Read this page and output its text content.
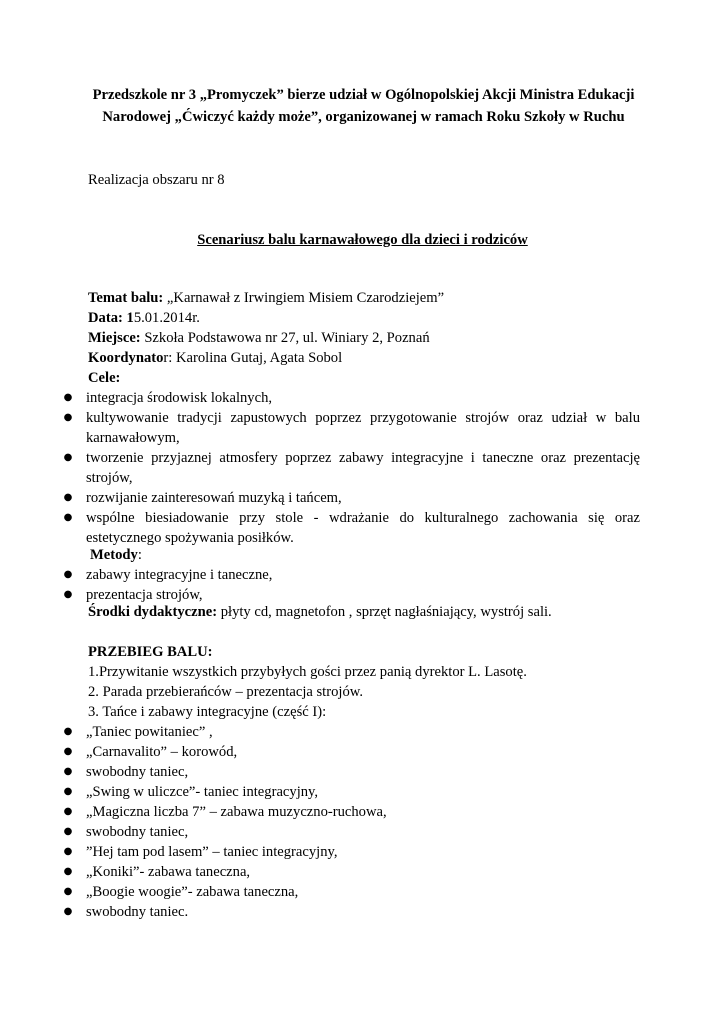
Przedszkole nr 3 „Promyczek” bierze udział w Ogólnopolskiej Akcji Ministra Edukacji
Narodowej „Ćwiczyć każdy może”, organizowanej w ramach Roku Szkoły w Ruchu
Realizacja obszaru nr 8
Scenariusz balu karnawałowego dla dzieci i rodziców
Temat balu: „Karnawał z Irwingiem Misiem Czarodziejem”
Data: 15.01.2014r.
Miejsce: Szkoła Podstawowa nr 27, ul. Winiary 2, Poznań
Koordynator: Karolina Gutaj, Agata Sobol
Cele:
● integracja środowisk lokalnych,
● kultywowanie tradycji zapustowych poprzez przygotowanie strojów oraz udział w balu
karnawałowym,
● tworzenie przyjaznej atmosfery poprzez zabawy integracyjne i taneczne oraz prezentację
strojów,
● rozwijanie zainteresowań muzyką i tańcem,
● wspólne biesiadowanie przy stole - wdrażanie do kulturalnego zachowania się oraz
estetycznego spożywania posiłków.
Metody:
● zabawy integracyjne i taneczne,
● prezentacja strojów,
Środki dydaktyczne: płyty cd, magnetofon , sprzęt nagłaśniający, wystrój sali.
PRZEBIEG BALU:
1.Przywitanie wszystkich przybyłych gości przez panią dyrektor L. Lasotę.
2. Parada przebierańców – prezentacja strojów.
3. Tańce i zabawy integracyjne (część I):
● „Taniec powitaniec” ,
● „Carnavalito” – korowód,
● swobodny taniec,
● „Swing w uliczce”- taniec integracyjny,
● „Magiczna liczba 7” – zabawa muzyczno-ruchowa,
● swobodny taniec,
● ”Hej tam pod lasem” – taniec integracyjny,
● „Koniki”- zabawa taneczna,
● „Boogie woogie”- zabawa taneczna,
● swobodny taniec.
